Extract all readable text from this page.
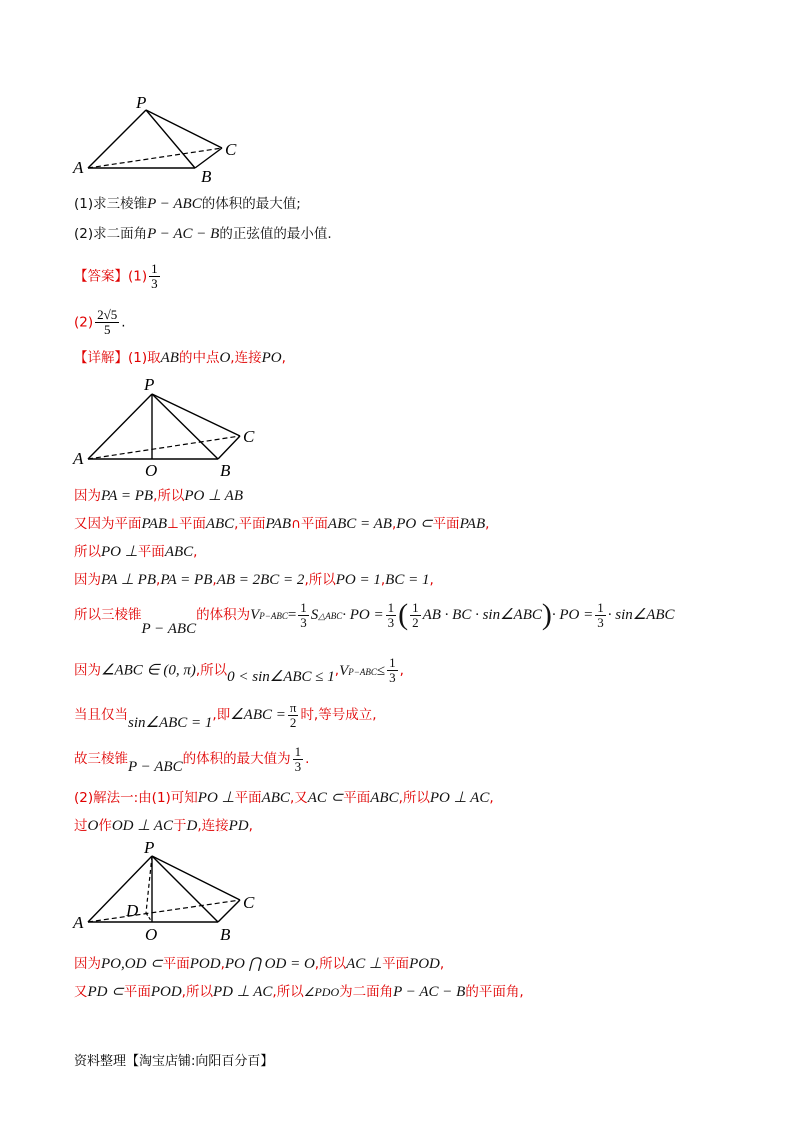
P
A	B
C
(1)求三棱锥P − ABC的体积的最大值;
(2)求二面角P − AC − B的正弦值的最小值.
【答案】$(1) \frac{1}{3}$
$(2) \frac{2√5}{5}$ .
【详解】(1)取AB的中点O,连接PO,
P
A
O	B
C
因为PA = PB,所以PO ⊥ AB
又因为平面PAB⊥平面ABC,平面PAB∩平面ABC = AB,PO ⊂平面PAB,
所以PO ⊥平面ABC,
因为PA ⊥ PB,PA = PB,AB = 2BC = 2,所以PO = 1,BC = 1,
所以三棱锥P − ABC的体积为$VP-ABC= \frac{1}{3}$ S△ABC· PO = $\frac{1}{3}$ ( $\frac{1}{2}$ AB · BC · sin∠ABC)· PO = $\frac{1}{3}$ · sin∠ABC
因为∠ABC ∈ (0, π),所以0 < sin∠ABC ≤ $1,VP-ABC\le \frac{1}{3}$ ,
当且仅当sin∠ABC = 1,即∠ABC = $\frac{\pi}{2}$ 时,等号成立,
故三棱锥P − ABC的体积的最大值为 $\frac{1}{3}$ .
(2)解法一:由(1)可知PO ⊥平面ABC,又AC ⊂平面ABC,所以PO ⊥ AC,
过O作OD ⊥ AC于D,连接PD,
P
D
A
O	B
C
因为PO,OD ⊂平面POD,PO ⋂ OD = O,所以AC ⊥平面POD,
又PD ⊂平面POD,所以PD ⊥ AC,所以∠PDO为二面角P − AC − B的平面角,
资料整理【淘宝店铺:向阳百分百】
